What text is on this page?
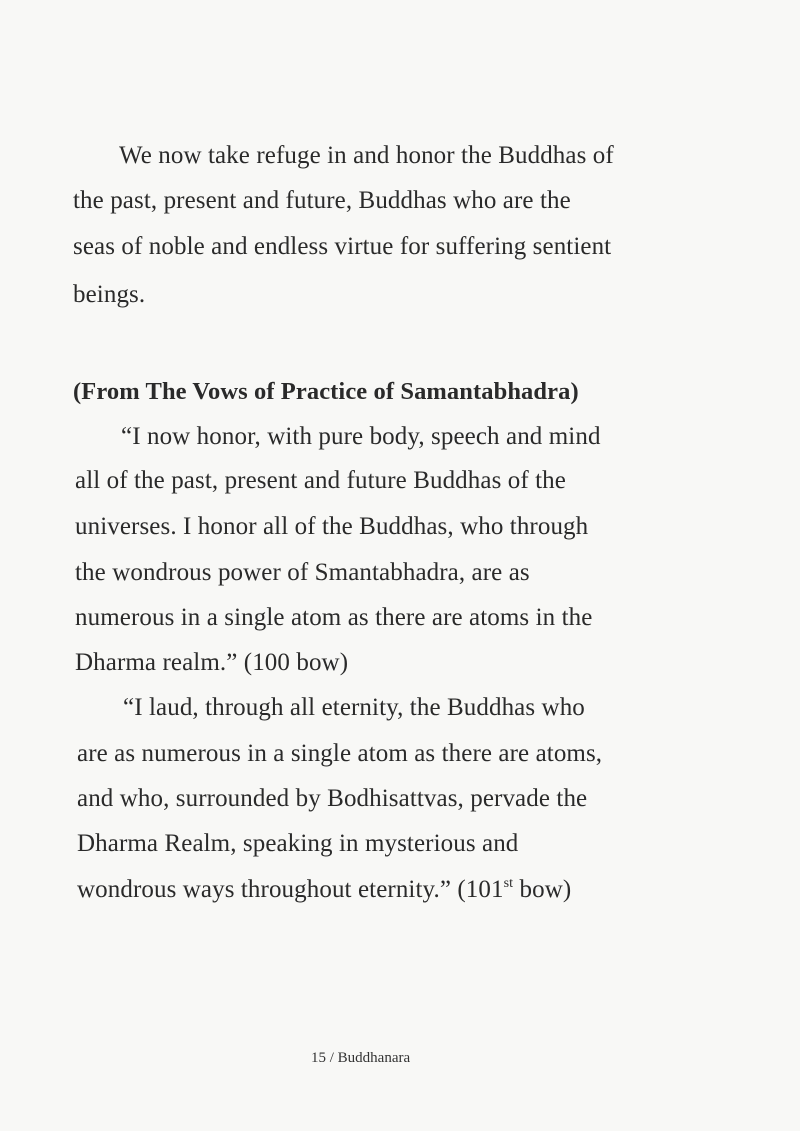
We now take refuge in and honor the Buddhas of
the past, present and future, Buddhas who are the
seas of noble and endless virtue for suffering sentient
beings.
(From The Vows of Practice of Samantabhadra)
“I now honor, with pure body, speech and mind
all of the past, present and future Buddhas of the
universes. I honor all of the Buddhas, who through
the wondrous power of Smantabhadra, are as
numerous in a single atom as there are atoms in the
Dharma realm.” (100 bow)
“I laud, through all eternity, the Buddhas who
are as numerous in a single atom as there are atoms,
and who, surrounded by Bodhisattvas, pervade the
Dharma Realm, speaking in mysterious and
wondrous ways throughout eternity.” (101st bow)
15 / Buddhanara
